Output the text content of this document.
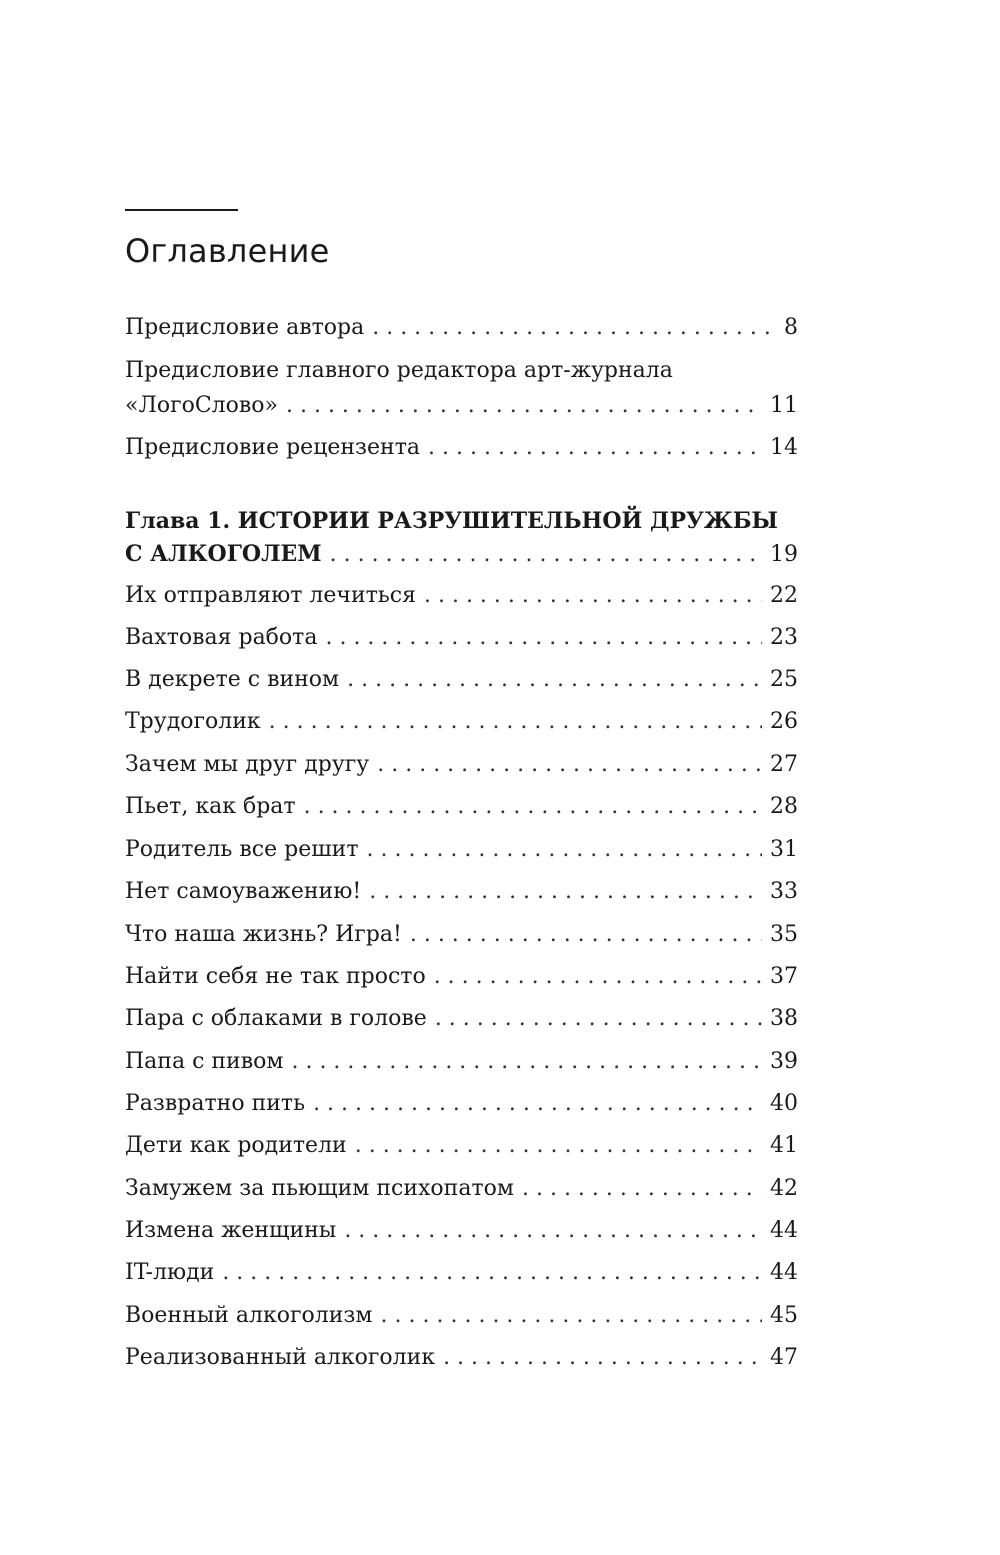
Оглавление
Предисловие автора . . .	8
Предисловие главного редактора арт-журнала
«ЛогоСлово» . . .	11
Предисловие рецензента . . .	14
Глава 1. ИСТОРИИ РАЗРУШИТЕЛЬНОЙ ДРУЖБЫ
С АЛКОГОЛЕМ . . .	19
Их отправляют лечиться . . .	22
Вахтовая работа . . .	23
В декрете с вином . . .	25
Трудоголик . . .	26
Зачем мы друг другу . . .	27
Пьет, как брат . . .	28
Родитель все решит . . .	31
Нет самоуважению! . . .	33
Что наша жизнь? Игра! . . .	35
Найти себя не так просто . . .	37
Пара с облаками в голове . . .	38
Папа с пивом . . .	39
Развратно пить . . .	40
Дети как родители . . .	41
Замужем за пьющим психопатом . . .	42
Измена женщины . . .	44
IT-люди . . .	44
Военный алкоголизм . . .	45
Реализованный алкоголик . . .	47
